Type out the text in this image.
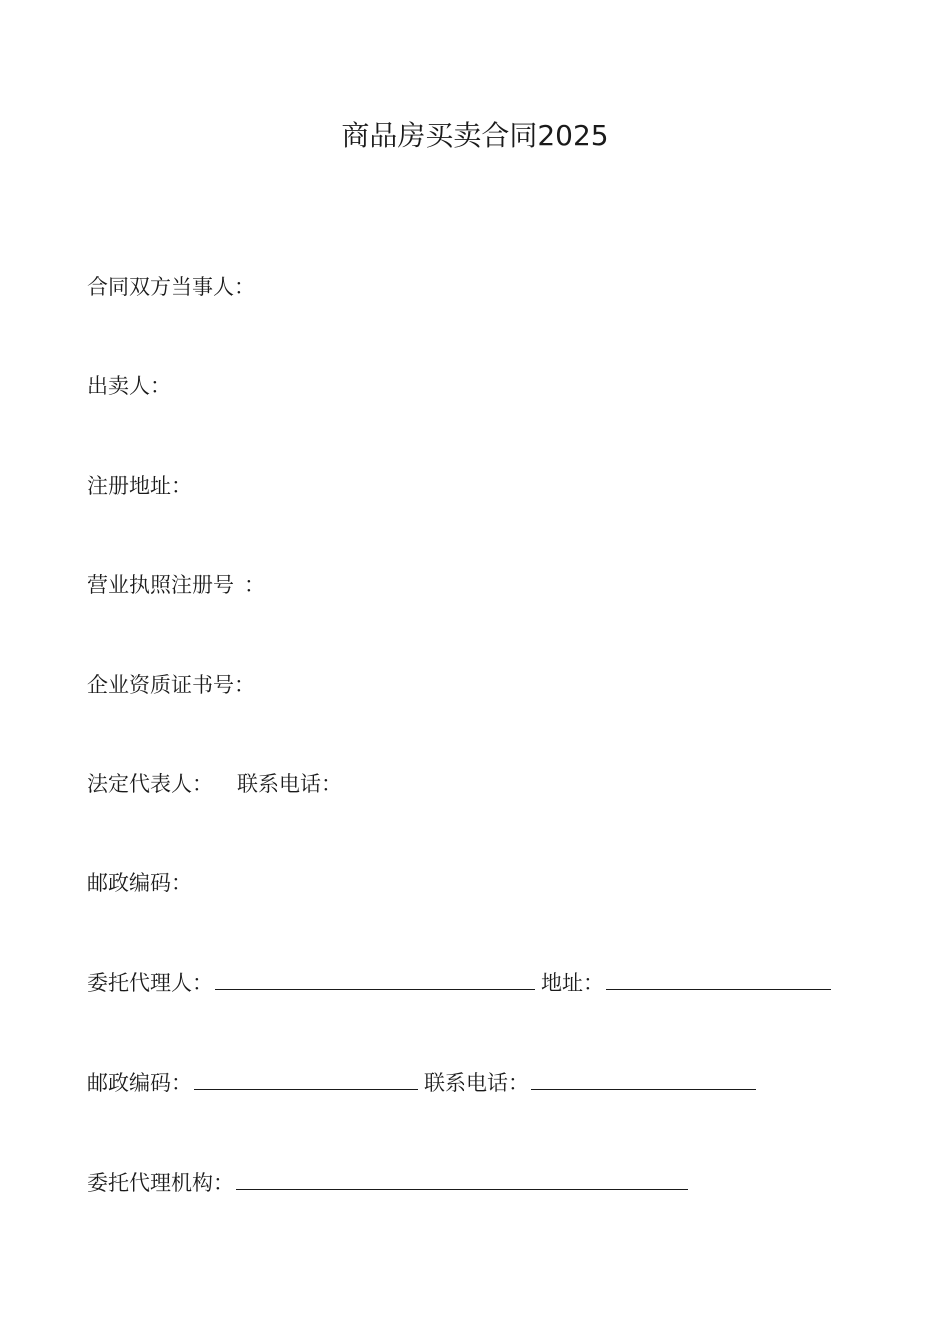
商品房买卖合同2025
合同双方当事人：
出卖人：
注册地址：
营业执照注册号 ：
企业资质证书号：
法定代表人： 联系电话：
邮政编码：
委托代理人：	地址：
邮政编码：	联系电话：
委托代理机构：
